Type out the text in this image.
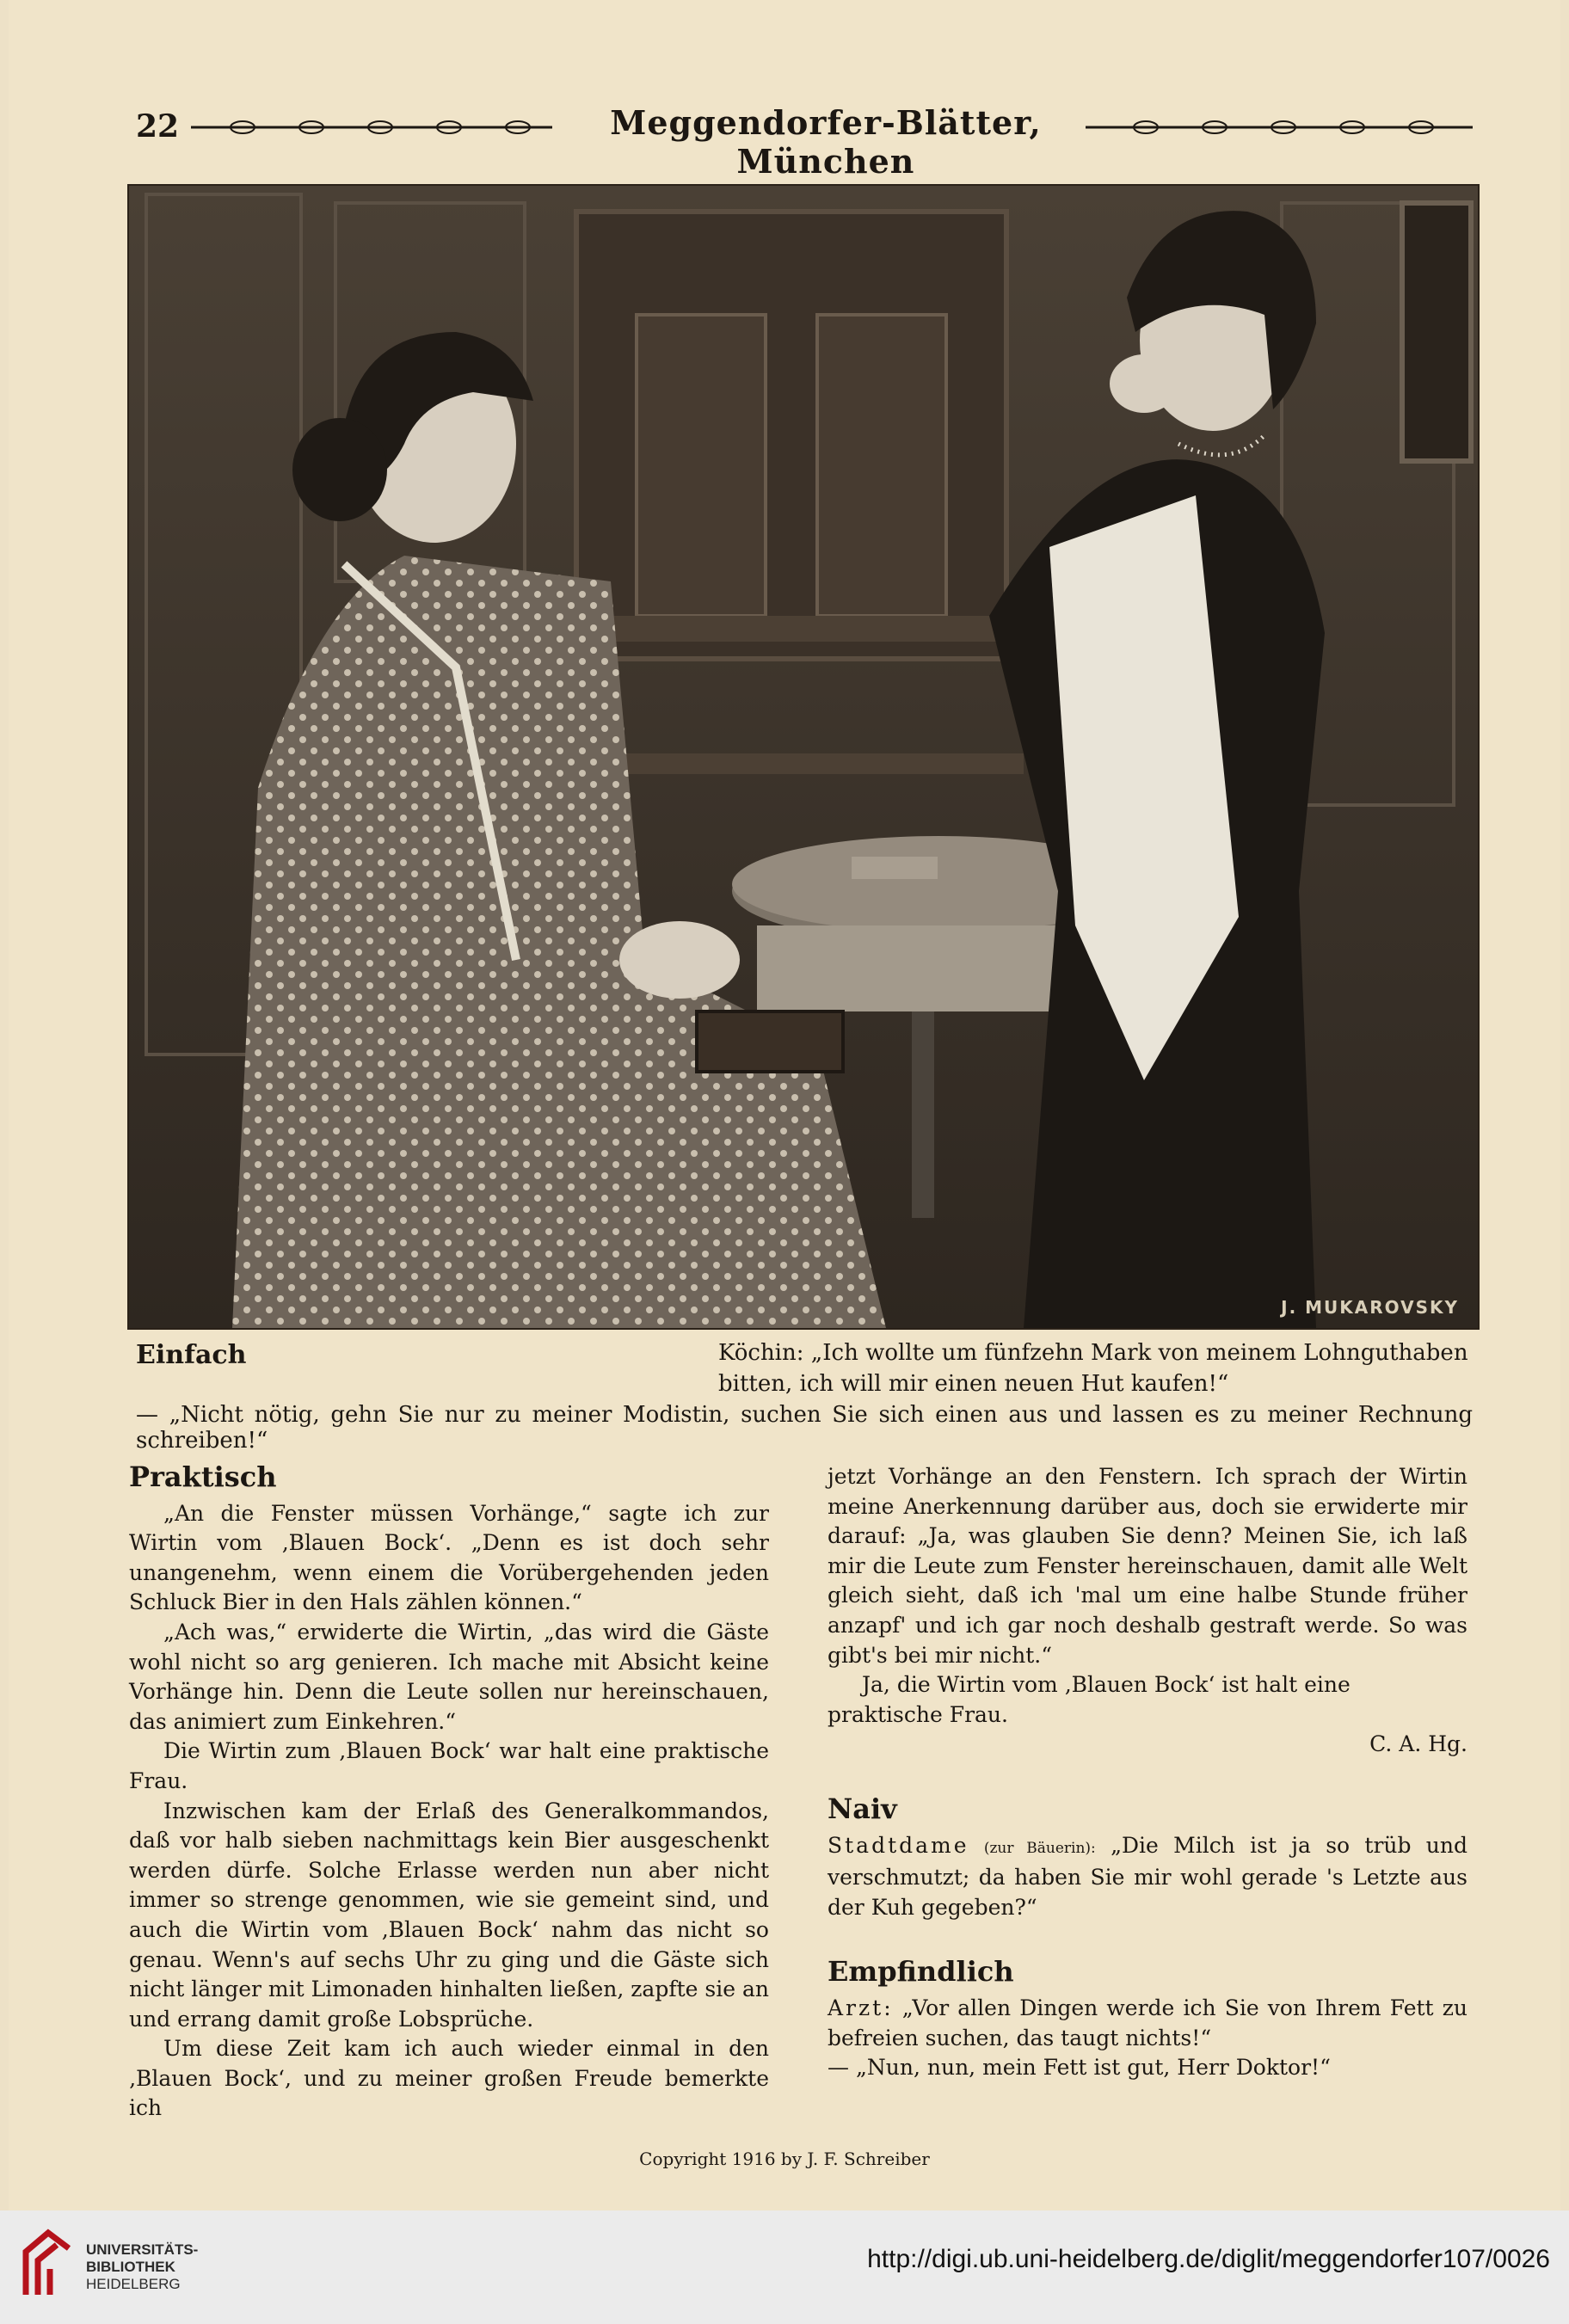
22	Meggendorfer-Blätter, München
J. MUKAROVSKY
Einfach	Köchin: „Ich wollte um fünfzehn Mark von meinem Lohnguthaben
bitten, ich will mir einen neuen Hut kaufen!“
— „Nicht nötig, gehn Sie nur zu meiner Modistin, suchen Sie sich einen aus und lassen es zu meiner Rechnung schreiben!“
Praktisch

„An die Fenster müssen Vorhänge,“ sagte ich zur Wirtin vom ‚Blauen Bock‘. „Denn es ist doch sehr unangenehm, wenn einem die Vorübergehenden jeden Schluck Bier in den Hals zählen können.“

„Ach was,“ erwiderte die Wirtin, „das wird die Gäste wohl nicht so arg genieren. Ich mache mit Absicht keine Vorhänge hin. Denn die Leute sollen nur hereinschauen, das animiert zum Einkehren.“

Die Wirtin zum ‚Blauen Bock‘ war halt eine praktische Frau.

Inzwischen kam der Erlaß des Generalkommandos, daß vor halb sieben nachmittags kein Bier ausgeschenkt werden dürfe. Solche Erlasse werden nun aber nicht immer so strenge genommen, wie sie gemeint sind, und auch die Wirtin vom ‚Blauen Bock‘ nahm das nicht so genau. Wenn's auf sechs Uhr zu ging und die Gäste sich nicht länger mit Limonaden hinhalten ließen, zapfte sie an und errang damit große Lobsprüche.

Um diese Zeit kam ich auch wieder einmal in den ‚Blauen Bock‘, und zu meiner großen Freude bemerkte ich

jetzt Vorhänge an den Fenstern. Ich sprach der Wirtin meine Anerkennung darüber aus, doch sie erwiderte mir darauf: „Ja, was glauben Sie denn? Meinen Sie, ich laß mir die Leute zum Fenster hereinschauen, damit alle Welt gleich sieht, daß ich 'mal um eine halbe Stunde früher anzapf' und ich gar noch deshalb gestraft werde. So was gibt's bei mir nicht.“

Ja, die Wirtin vom ‚Blauen Bock‘ ist halt eine praktische Frau.
C. A. Hg.
Naiv

Stadtdame (zur Bäuerin): „Die Milch ist ja so trüb und verschmutzt; da haben Sie mir wohl gerade 's Letzte aus der Kuh gegeben?“

Empfindlich

Arzt: „Vor allen Dingen werde ich Sie von Ihrem Fett zu befreien suchen, das taugt nichts!“

— „Nun, nun, mein Fett ist gut, Herr Doktor!“

Copyright 1916 by J. F. Schreiber
UNIVERSITÄTS-
BIBLIOTHEK
HEIDELBERG
http://digi.ub.uni-heidelberg.de/diglit/meggendorfer107/0026
